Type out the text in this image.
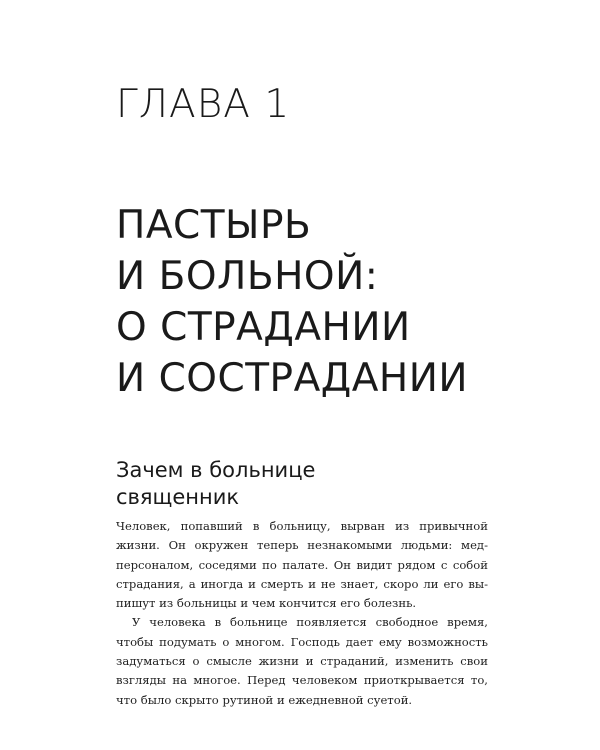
ГЛАВА 1
ПАСТЫРЬ
И БОЛЬНОЙ:
О СТРАДАНИИ
И СОСТРАДАНИИ
Зачем в больнице
священник

Человек, попавший в больницу, вырван из привычной
жизни. Он окружен теперь незнакомыми людьми: мед-
персоналом, соседями по палате. Он видит рядом с собой
страдания, а иногда и смерть и не знает, скоро ли его вы-
пишут из больницы и чем кончится его болезнь.

У человека в больнице появляется свободное время,
чтобы подумать о многом. Господь дает ему возможность
задуматься о смысле жизни и страданий, изменить свои
взгляды на многое. Перед человеком приоткрывается то,
что было скрыто рутиной и ежедневной суетой.
